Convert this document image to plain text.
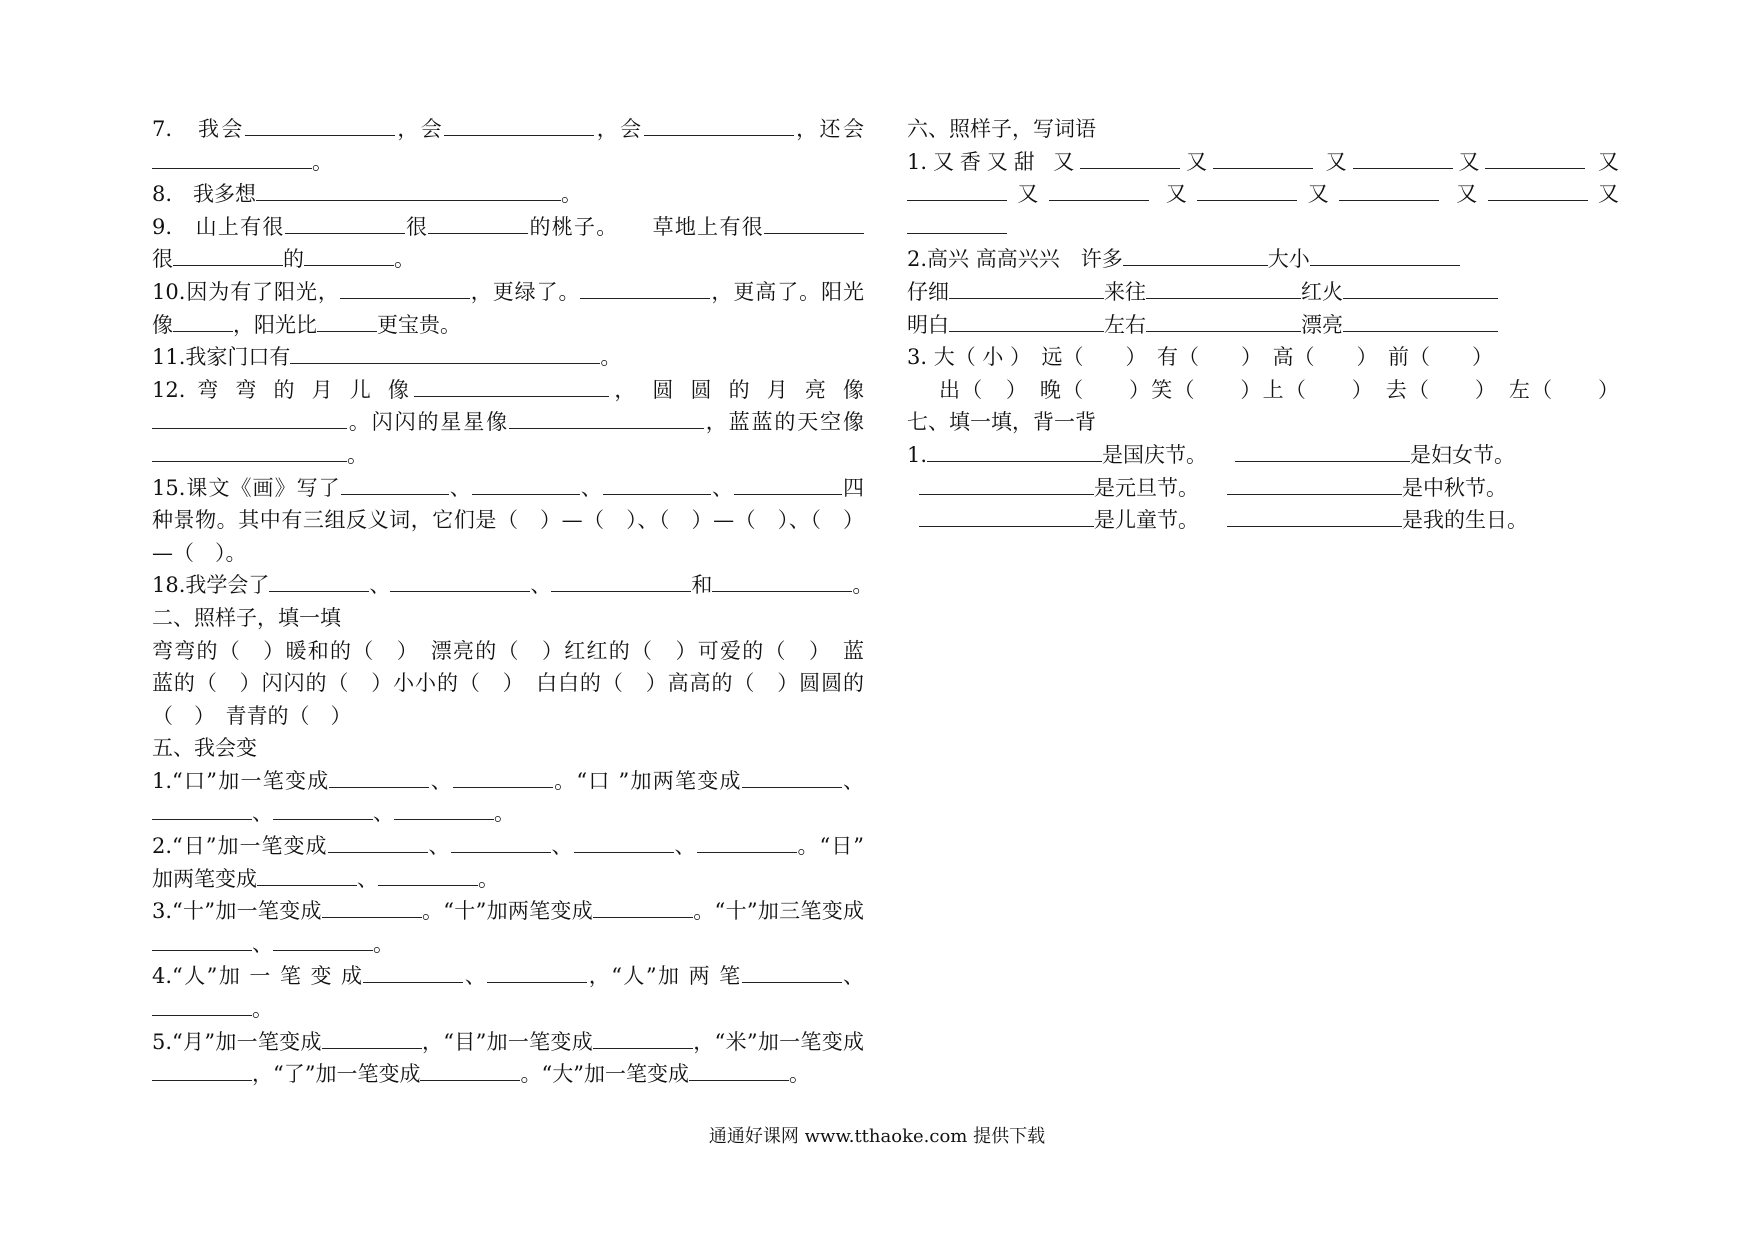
7.　我会	，会	，会	，还会
。
8.　我多想	。
9.　山上有很	很	的桃子。　　草地上有很
很	的	。
10.因为有了阳光，	，更绿了。	，更高了。阳光
像	，阳光比	更宝贵。
11.我家门口有	。
12. 弯 弯 的 月 儿 像	， 圆 圆 的 月 亮 像
。闪闪的星星像	，蓝蓝的天空像
。
15.课文《画》写了	、	、	、	四
种景物。其中有三组反义词，它们是（　）—（　）、（　）—（　）、（　）
—（　）。
18.我学会了	、	、	和	。
二、照样子，填一填
弯弯的（　）暖和的（　）　漂亮的（　）红红的（　）可爱的（　）　蓝
蓝的（　）闪闪的（　）小小的（　）　白白的（　）高高的（　）圆圆的
（　）　青青的（　）
五、我会变
1.“口”加一笔变成	、	。“口 ”加两笔变成	、
、	、	。
2.“日”加一笔变成	、	、	、	。“日”
加两笔变成	、	。
3.“十”加一笔变成	。“十”加两笔变成	。“十”加三笔变成
、	。
4.“人”加 一 笔 变 成	、	，“人”加 两 笔	、
。
5.“月”加一笔变成	，“目”加一笔变成	，“米”加一笔变成
，“了”加一笔变成	。“大”加一笔变成	。
六、照样子，写词语
1.又香又甜 又	又	又	又	又
又	又	又	又	又
2.高兴 高高兴兴　 许多	大小
仔细	来往	红火
明白	左右	漂亮
3. 大（ 小 ）　远（　　）　有（　　）　高（　　）　前（　　）
出（　）　晚（　　）笑（　　）上（　　）　去（　　）　左（　　）
七、填一填，背一背
1.	是国庆节。	是妇女节。
是元旦节。	是中秋节。
是儿童节。	是我的生日。
通通好课网 www.tthaoke.com 提供下载
